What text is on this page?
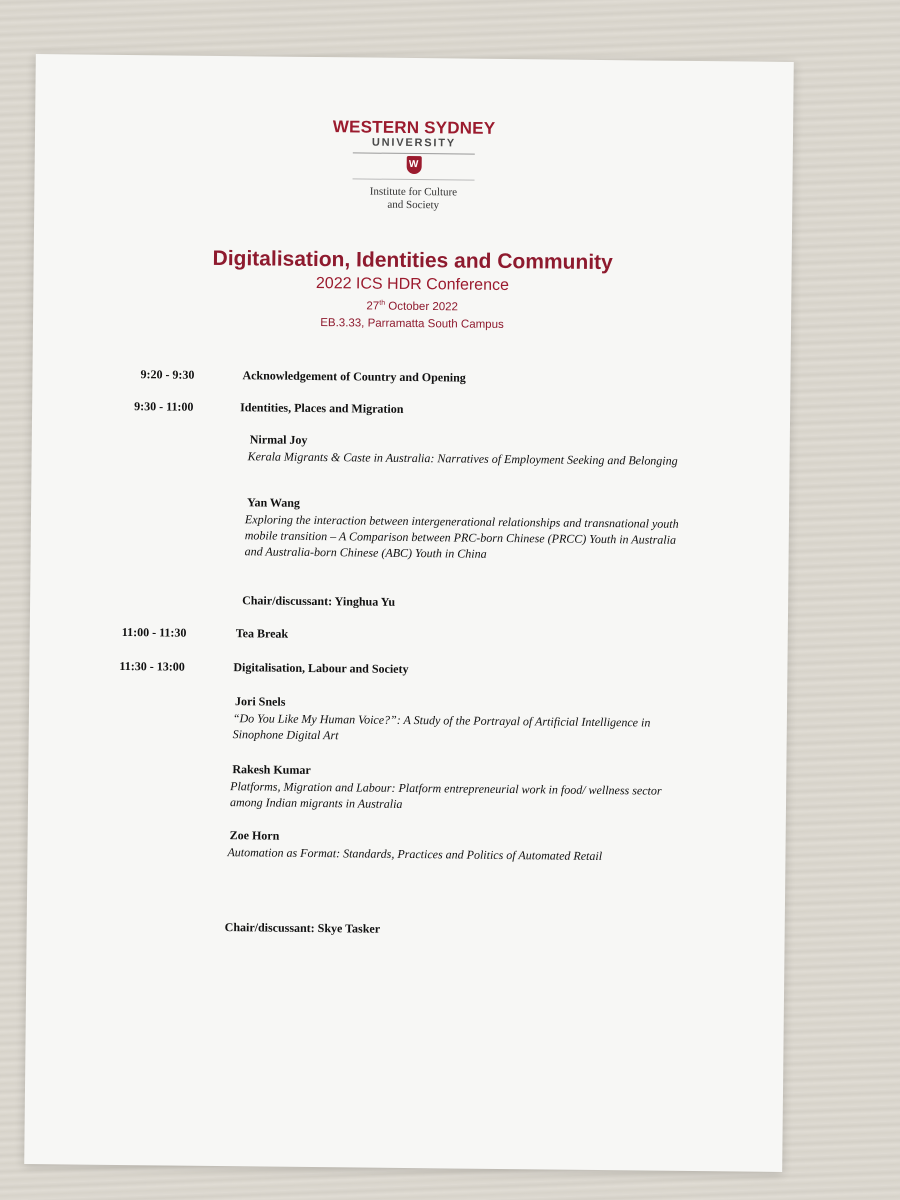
WESTERN SYDNEY
UNIVERSITY
W
Institute for Culture
and Society
Digitalisation, Identities and Community
2022 ICS HDR Conference
27th October 2022
EB.3.33, Parramatta South Campus
9:20 - 9:30	Acknowledgement of Country and Opening
9:30 - 11:00	Identities, Places and Migration
Nirmal Joy
Kerala Migrants & Caste in Australia: Narratives of Employment Seeking and Belonging
Yan Wang
Exploring the interaction between intergenerational relationships and transnational youth mobile transition – A Comparison between PRC-born Chinese (PRCC) Youth in Australia and Australia-born Chinese (ABC) Youth in China
Chair/discussant: Yinghua Yu
11:00 - 11:30	Tea Break
11:30 - 13:00	Digitalisation, Labour and Society
Jori Snels
“Do You Like My Human Voice?”: A Study of the Portrayal of Artificial Intelligence in Sinophone Digital Art
Rakesh Kumar
Platforms, Migration and Labour: Platform entrepreneurial work in food/ wellness sector among Indian migrants in Australia
Zoe Horn
Automation as Format: Standards, Practices and Politics of Automated Retail
Chair/discussant: Skye Tasker
